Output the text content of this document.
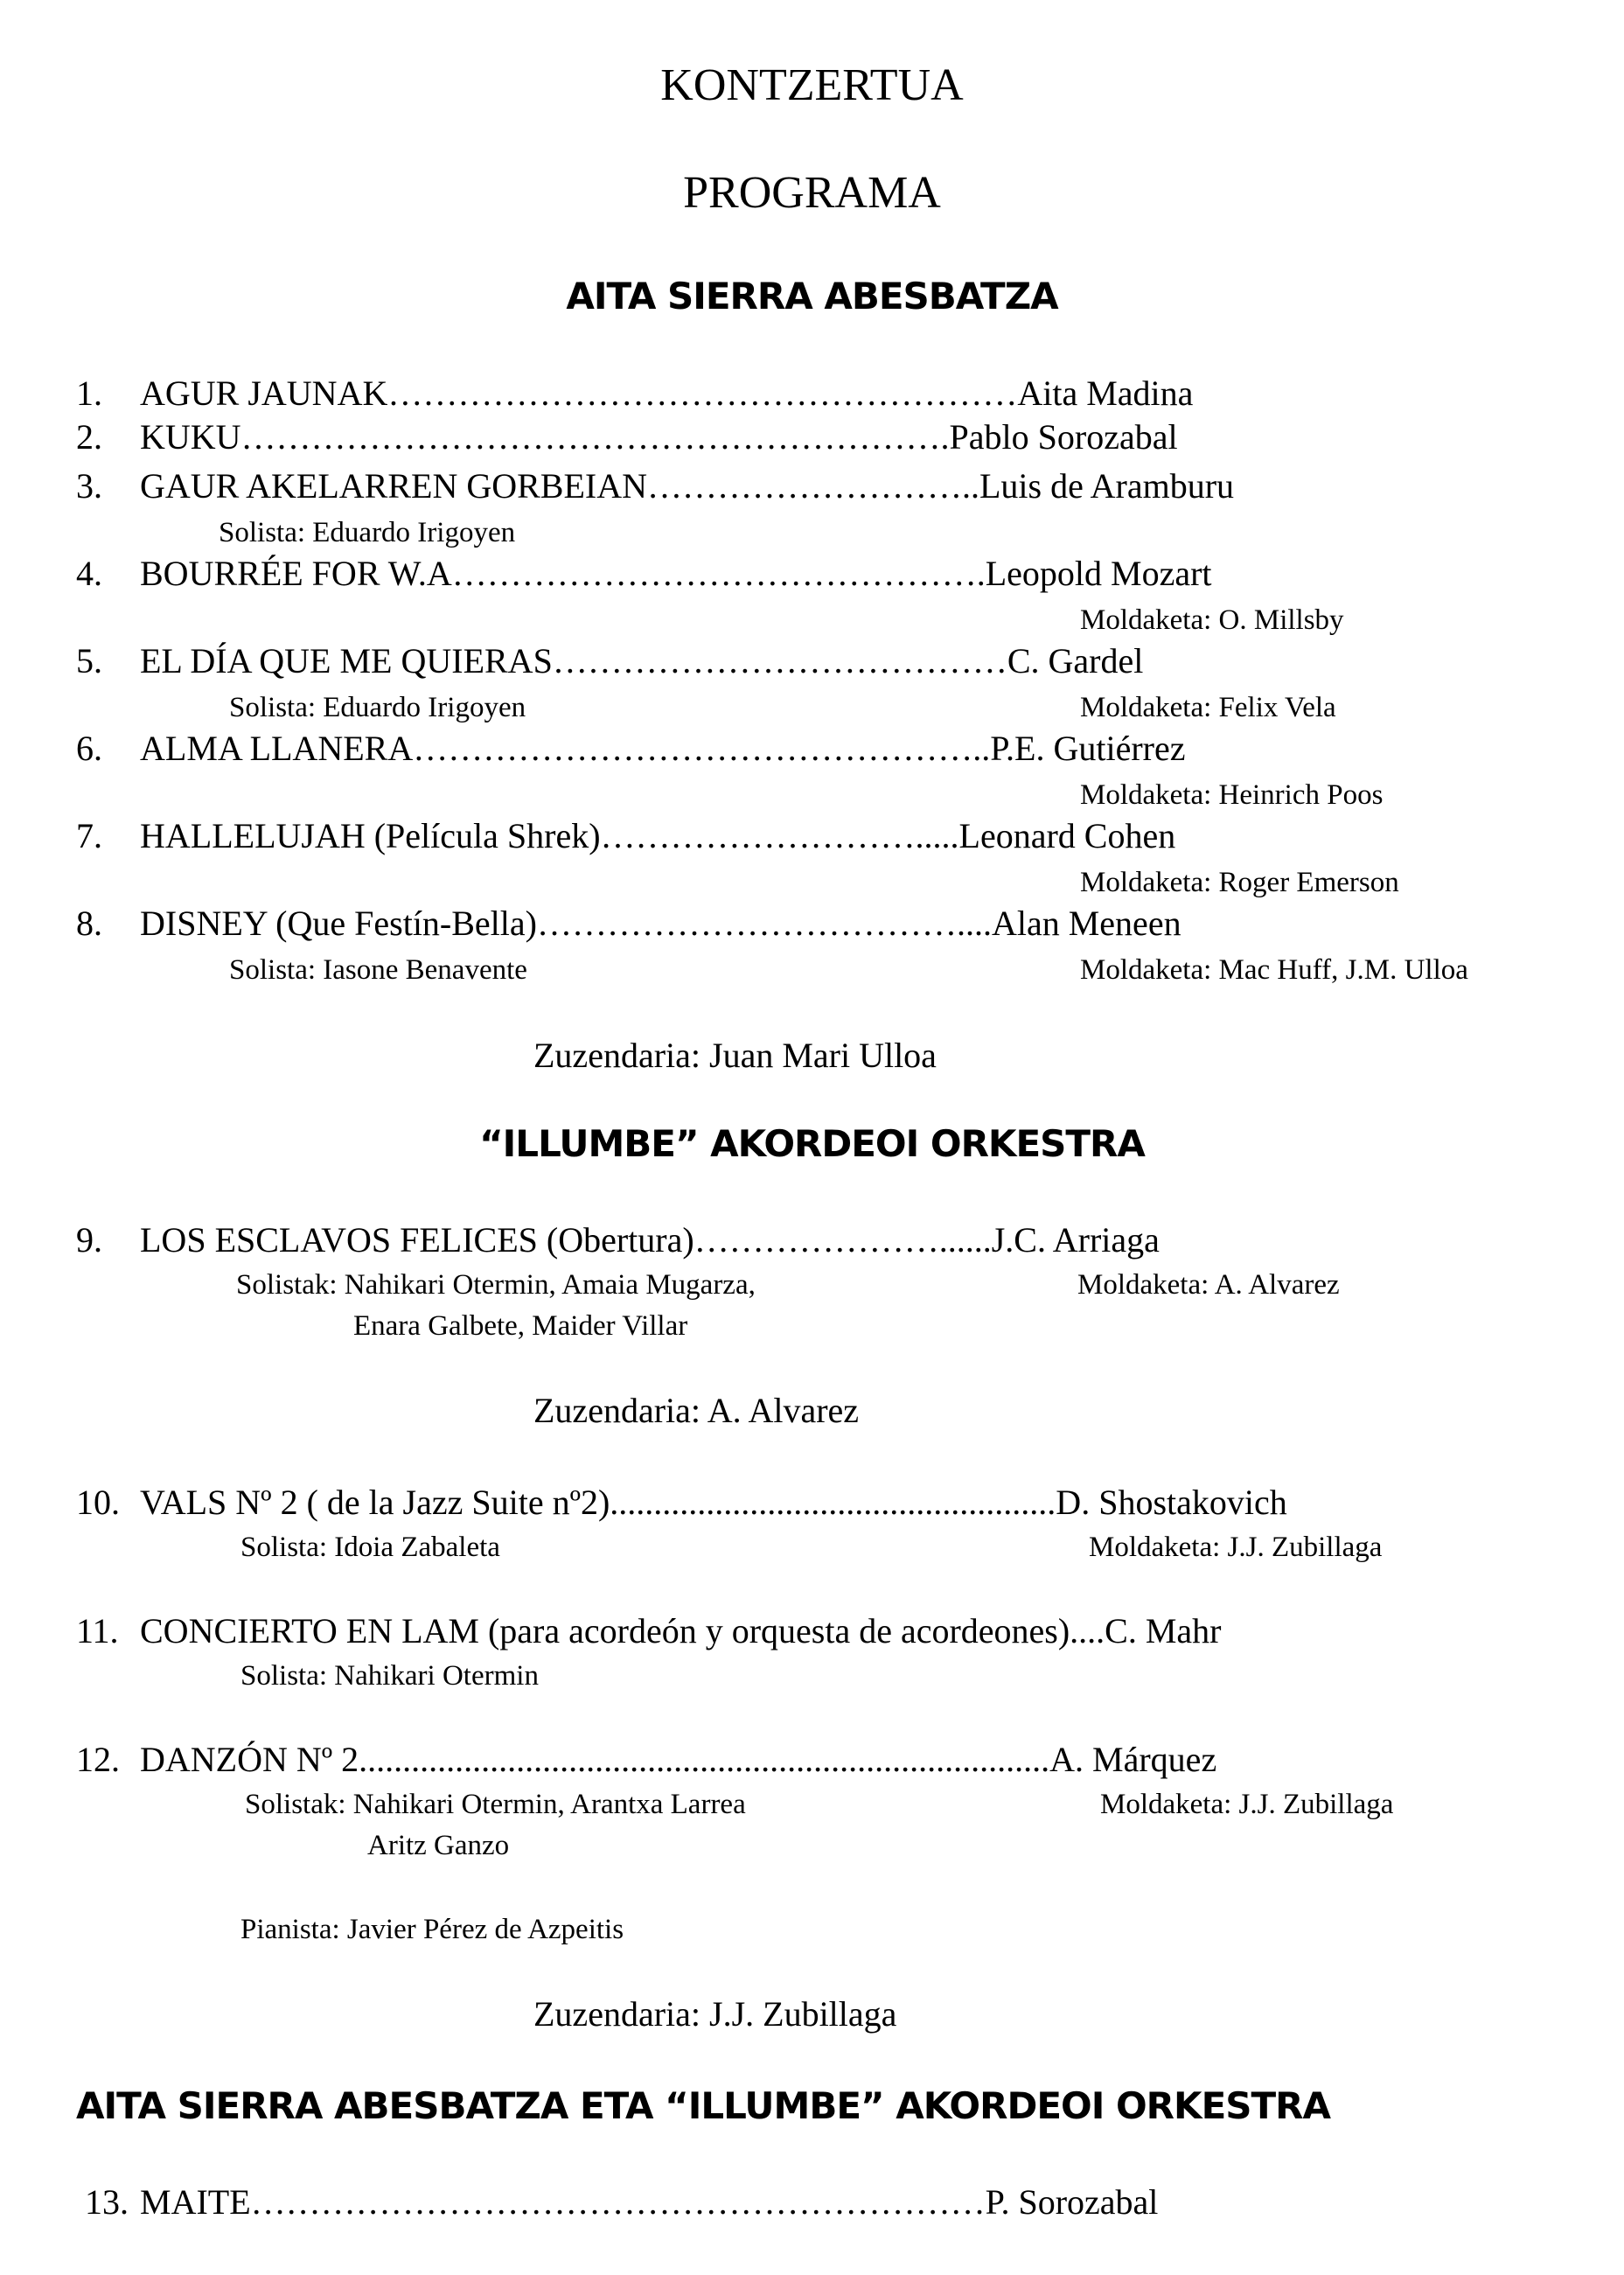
KONTZERTUA
PROGRAMA
AITA SIERRA ABESBATZA
1. AGUR JAUNAK………………………………………………Aita Madina
2. KUKU…………………………………………………….Pablo Sorozabal
3. GAUR AKELARREN GORBEIAN………………………..Luis de Aramburu
Solista: Eduardo Irigoyen
4. BOURRÉE FOR W.A……………………………………….Leopold Mozart
Moldaketa: O. Millsby
5. EL DÍA QUE ME QUIERAS…………………………………C. Gardel
Solista: Eduardo Irigoyen	Moldaketa: Felix Vela
6. ALMA LLANERA…………………………………………..P.E. Gutiérrez
Moldaketa: Heinrich Poos
7. HALLELUJAH (Película Shrek)……………………….....Leonard Cohen
Moldaketa: Roger Emerson
8. DISNEY (Que Festín-Bella)………………………………....Alan Meneen
Solista: Iasone Benavente	Moldaketa: Mac Huff, J.M. Ulloa
Zuzendaria: Juan Mari Ulloa
“ILLUMBE” AKORDEOI ORKESTRA
9. LOS ESCLAVOS FELICES (Obertura)…………………......J.C. Arriaga
Solistak: Nahikari Otermin, Amaia Mugarza,	Moldaketa: A. Alvarez
Enara Galbete, Maider Villar
Zuzendaria: A. Alvarez
10. VALS Nº 2 ( de la Jazz Suite nº2)...................................................D. Shostakovich
Solista: Idoia Zabaleta	Moldaketa: J.J. Zubillaga
11. CONCIERTO EN LAM (para acordeón y orquesta de acordeones)....C. Mahr
Solista: Nahikari Otermin
12. DANZÓN Nº 2...............................................................................A. Márquez
Solistak: Nahikari Otermin, Arantxa Larrea	Moldaketa: J.J. Zubillaga
Aritz Ganzo
Pianista: Javier Pérez de Azpeitis
Zuzendaria: J.J. Zubillaga
AITA SIERRA ABESBATZA ETA “ILLUMBE” AKORDEOI ORKESTRA
13. MAITE………………………………………………………P. Sorozabal
